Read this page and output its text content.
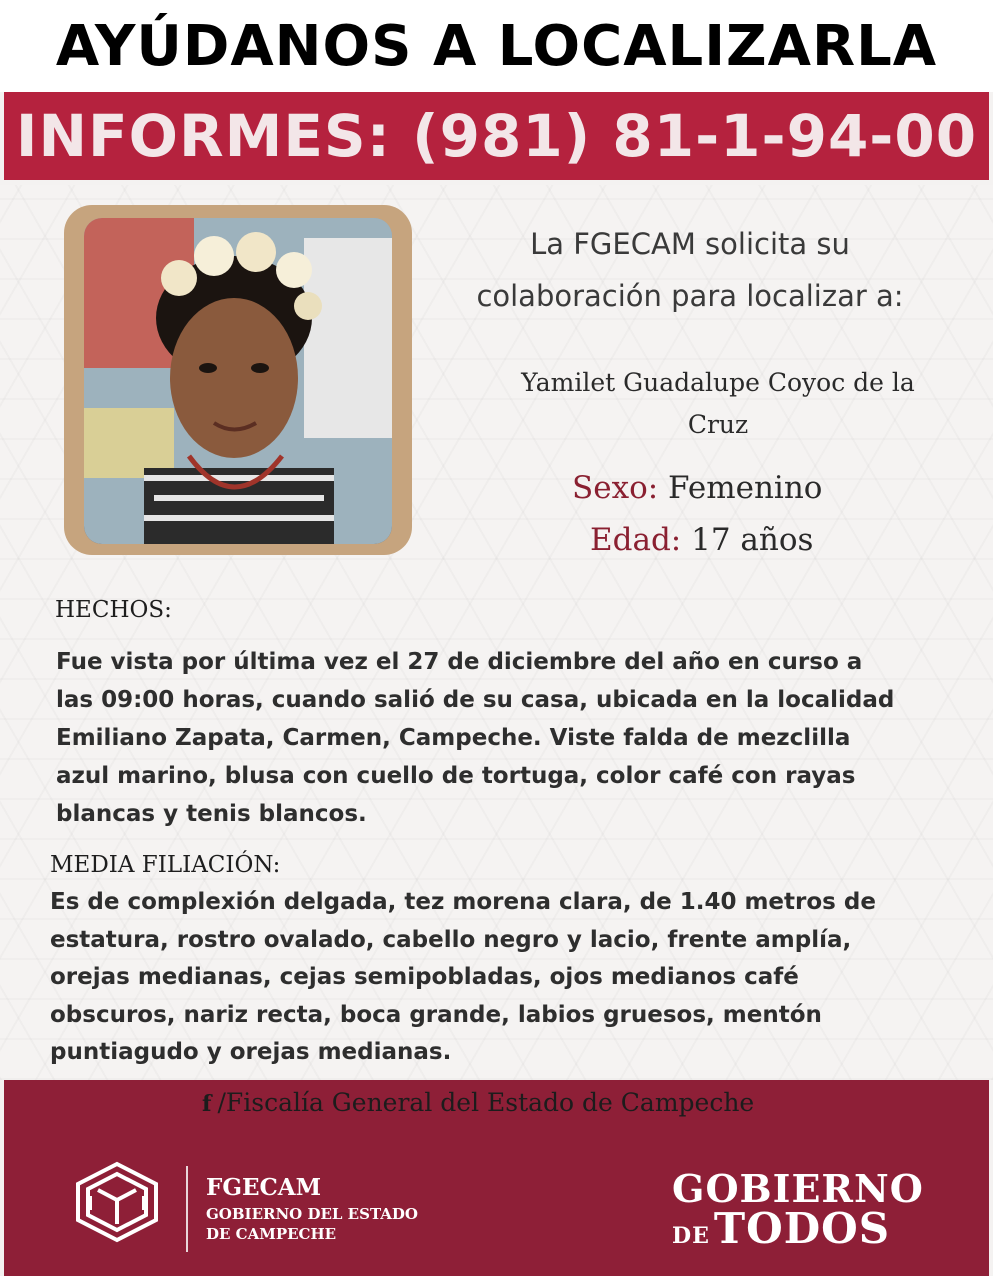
AYÚDANOS A LOCALIZARLA
INFORMES: (981) 81-1-94-00
La FGECAM solicita su
colaboración para localizar a:
Yamilet Guadalupe Coyoc de la
Cruz
Sexo: Femenino
Edad: 17 años
HECHOS:
Fue vista por última vez el 27 de diciembre del año en curso a
las 09:00 horas, cuando salió de su casa, ubicada en la localidad
Emiliano Zapata, Carmen, Campeche. Viste falda de mezclilla
azul marino, blusa con cuello de tortuga, color café con rayas
blancas y tenis blancos.
MEDIA FILIACIÓN:
Es de complexión delgada, tez morena clara, de 1.40 metros de
estatura, rostro ovalado, cabello negro y lacio, frente amplía,
orejas medianas, cejas semipobladas, ojos medianos café
obscuros, nariz recta, boca grande, labios gruesos, mentón
puntiagudo y orejas medianas.
f /Fiscalía General del Estado de Campeche
FGECAM
GOBIERNO DEL ESTADO
DE CAMPECHE
GOBIERNO
DETODOS
